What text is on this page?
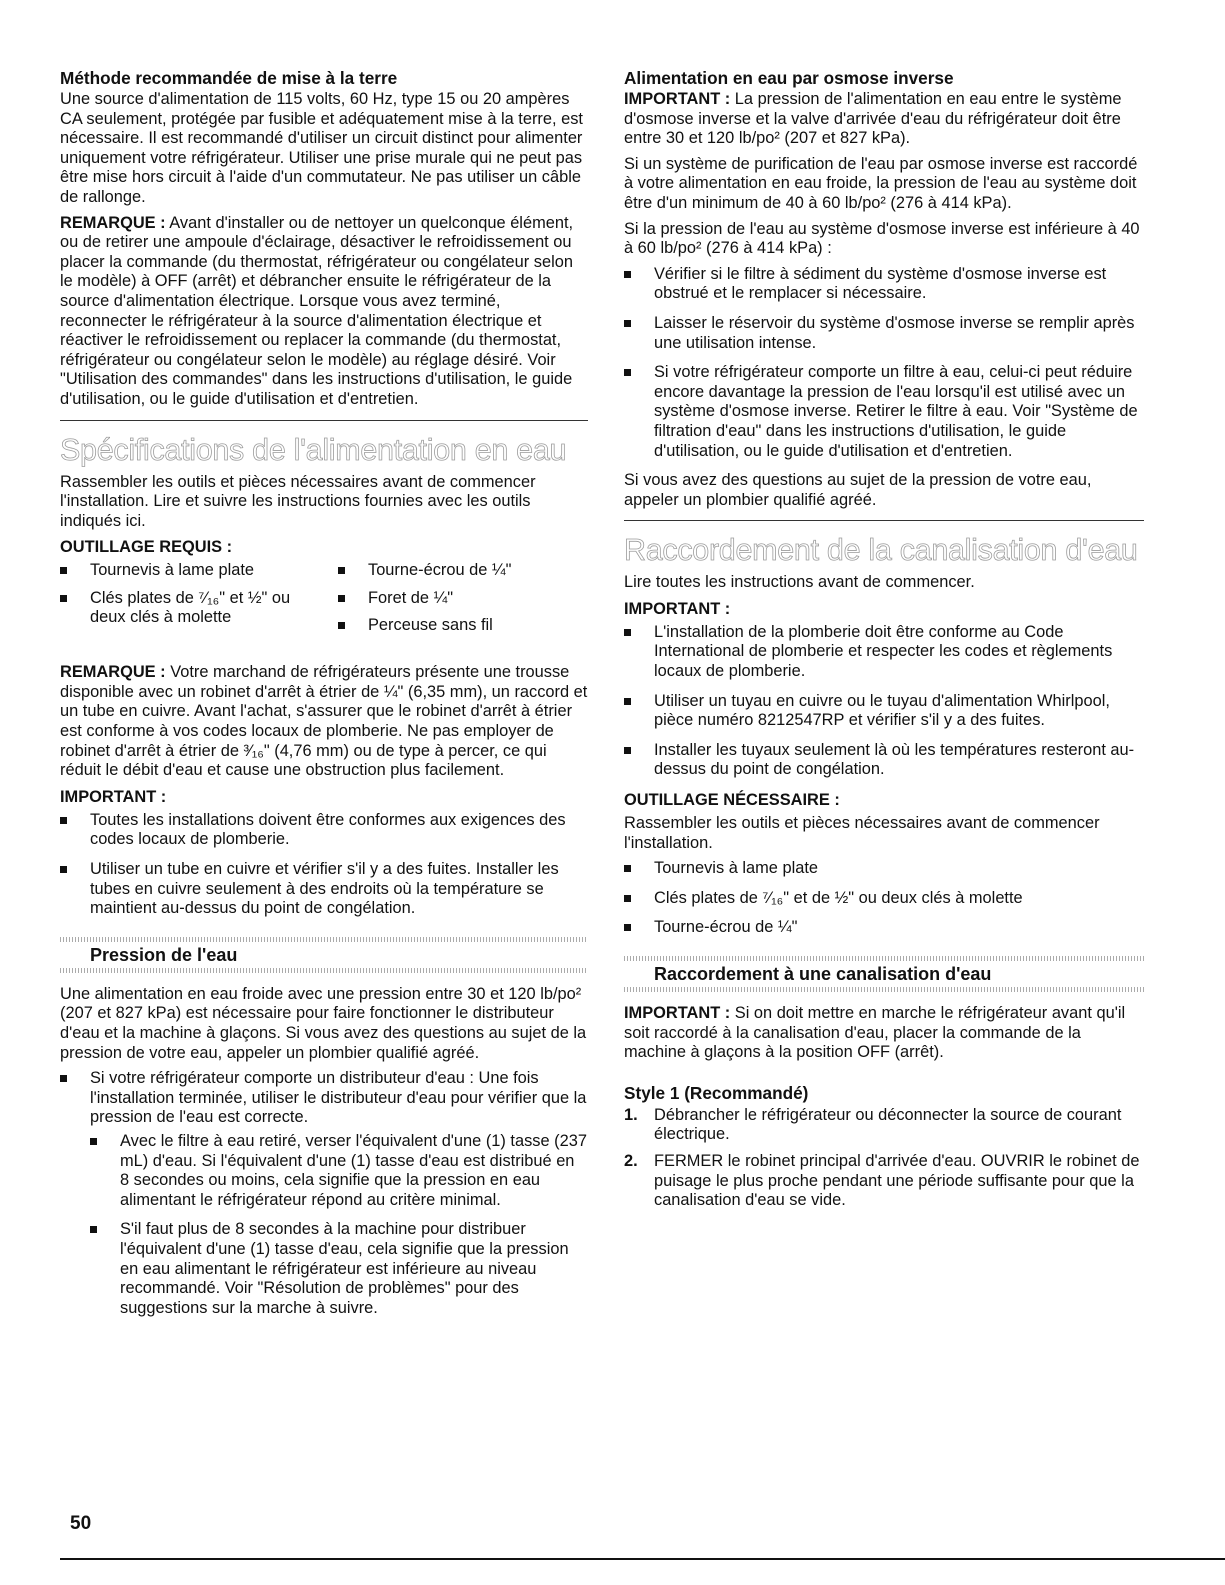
Méthode recommandée de mise à la terre

Une source d'alimentation de 115 volts, 60 Hz, type 15 ou 20 ampères CA seulement, protégée par fusible et adéquatement mise à la terre, est nécessaire. Il est recommandé d'utiliser un circuit distinct pour alimenter uniquement votre réfrigérateur. Utiliser une prise murale qui ne peut pas être mise hors circuit à l'aide d'un commutateur. Ne pas utiliser un câble de rallonge.

REMARQUE : Avant d'installer ou de nettoyer un quelconque élément, ou de retirer une ampoule d'éclairage, désactiver le refroidissement ou placer la commande (du thermostat, réfrigérateur ou congélateur selon le modèle) à OFF (arrêt) et débrancher ensuite le réfrigérateur de la source d'alimentation électrique. Lorsque vous avez terminé, reconnecter le réfrigérateur à la source d'alimentation électrique et réactiver le refroidissement ou replacer la commande (du thermostat, réfrigérateur ou congélateur selon le modèle) au réglage désiré. Voir "Utilisation des commandes" dans les instructions d'utilisation, le guide d'utilisation, ou le guide d'utilisation et d'entretien.

Spécifications de l'alimentation en eau

Rassembler les outils et pièces nécessaires avant de commencer l'installation. Lire et suivre les instructions fournies avec les outils indiqués ici.

OUTILLAGE REQUIS :
Tournevis à lame plate
Clés plates de ⁷⁄₁₆" et ½" ou deux clés à molette
Tourne-écrou de ¼"
Foret de ¼"
Perceuse sans fil

REMARQUE : Votre marchand de réfrigérateurs présente une trousse disponible avec un robinet d'arrêt à étrier de ¼" (6,35 mm), un raccord et un tube en cuivre. Avant l'achat, s'assurer que le robinet d'arrêt à étrier est conforme à vos codes locaux de plomberie. Ne pas employer de robinet d'arrêt à étrier de ³⁄₁₆" (4,76 mm) ou de type à percer, ce qui réduit le débit d'eau et cause une obstruction plus facilement.

IMPORTANT :
Toutes les installations doivent être conformes aux exigences des codes locaux de plomberie.
Utiliser un tube en cuivre et vérifier s'il y a des fuites. Installer les tubes en cuivre seulement à des endroits où la température se maintient au-dessus du point de congélation.
Pression de l'eau

Une alimentation en eau froide avec une pression entre 30 et 120 lb/po² (207 et 827 kPa) est nécessaire pour faire fonctionner le distributeur d'eau et la machine à glaçons. Si vous avez des questions au sujet de la pression de votre eau, appeler un plombier qualifié agréé.

Si votre réfrigérateur comporte un distributeur d'eau : Une fois l'installation terminée, utiliser le distributeur d'eau pour vérifier que la pression de l'eau est correcte.
Avec le filtre à eau retiré, verser l'équivalent d'une (1) tasse (237 mL) d'eau. Si l'équivalent d'une (1) tasse d'eau est distribué en 8 secondes ou moins, cela signifie que la pression en eau alimentant le réfrigérateur répond au critère minimal.
S'il faut plus de 8 secondes à la machine pour distribuer l'équivalent d'une (1) tasse d'eau, cela signifie que la pression en eau alimentant le réfrigérateur est inférieure au niveau recommandé. Voir "Résolution de problèmes" pour des suggestions sur la marche à suivre.
Alimentation en eau par osmose inverse

IMPORTANT : La pression de l'alimentation en eau entre le système d'osmose inverse et la valve d'arrivée d'eau du réfrigérateur doit être entre 30 et 120 lb/po² (207 et 827 kPa).

Si un système de purification de l'eau par osmose inverse est raccordé à votre alimentation en eau froide, la pression de l'eau au système doit être d'un minimum de 40 à 60 lb/po² (276 à 414 kPa).

Si la pression de l'eau au système d'osmose inverse est inférieure à 40 à 60 lb/po² (276 à 414 kPa) :

Vérifier si le filtre à sédiment du système d'osmose inverse est obstrué et le remplacer si nécessaire.
Laisser le réservoir du système d'osmose inverse se remplir après une utilisation intense.
Si votre réfrigérateur comporte un filtre à eau, celui-ci peut réduire encore davantage la pression de l'eau lorsqu'il est utilisé avec un système d'osmose inverse. Retirer le filtre à eau. Voir "Système de filtration d'eau" dans les instructions d'utilisation, le guide d'utilisation, ou le guide d'utilisation et d'entretien.

Si vous avez des questions au sujet de la pression de votre eau, appeler un plombier qualifié agréé.

Raccordement de la canalisation d'eau

Lire toutes les instructions avant de commencer.

IMPORTANT :
L'installation de la plomberie doit être conforme au Code International de plomberie et respecter les codes et règlements locaux de plomberie.
Utiliser un tuyau en cuivre ou le tuyau d'alimentation Whirlpool, pièce numéro 8212547RP et vérifier s'il y a des fuites.
Installer les tuyaux seulement là où les températures resteront au-dessus du point de congélation.
OUTILLAGE NÉCESSAIRE :

Rassembler les outils et pièces nécessaires avant de commencer l'installation.

Tournevis à lame plate
Clés plates de ⁷⁄₁₆" et de ½" ou deux clés à molette
Tourne-écrou de ¼"
Raccordement à une canalisation d'eau

IMPORTANT : Si on doit mettre en marche le réfrigérateur avant qu'il soit raccordé à la canalisation d'eau, placer la commande de la machine à glaçons à la position OFF (arrêt).

Style 1 (Recommandé)
1. Débrancher le réfrigérateur ou déconnecter la source de courant électrique.
2. FERMER le robinet principal d'arrivée d'eau. OUVRIR le robinet de puisage le plus proche pendant une période suffisante pour que la canalisation d'eau se vide.
50
